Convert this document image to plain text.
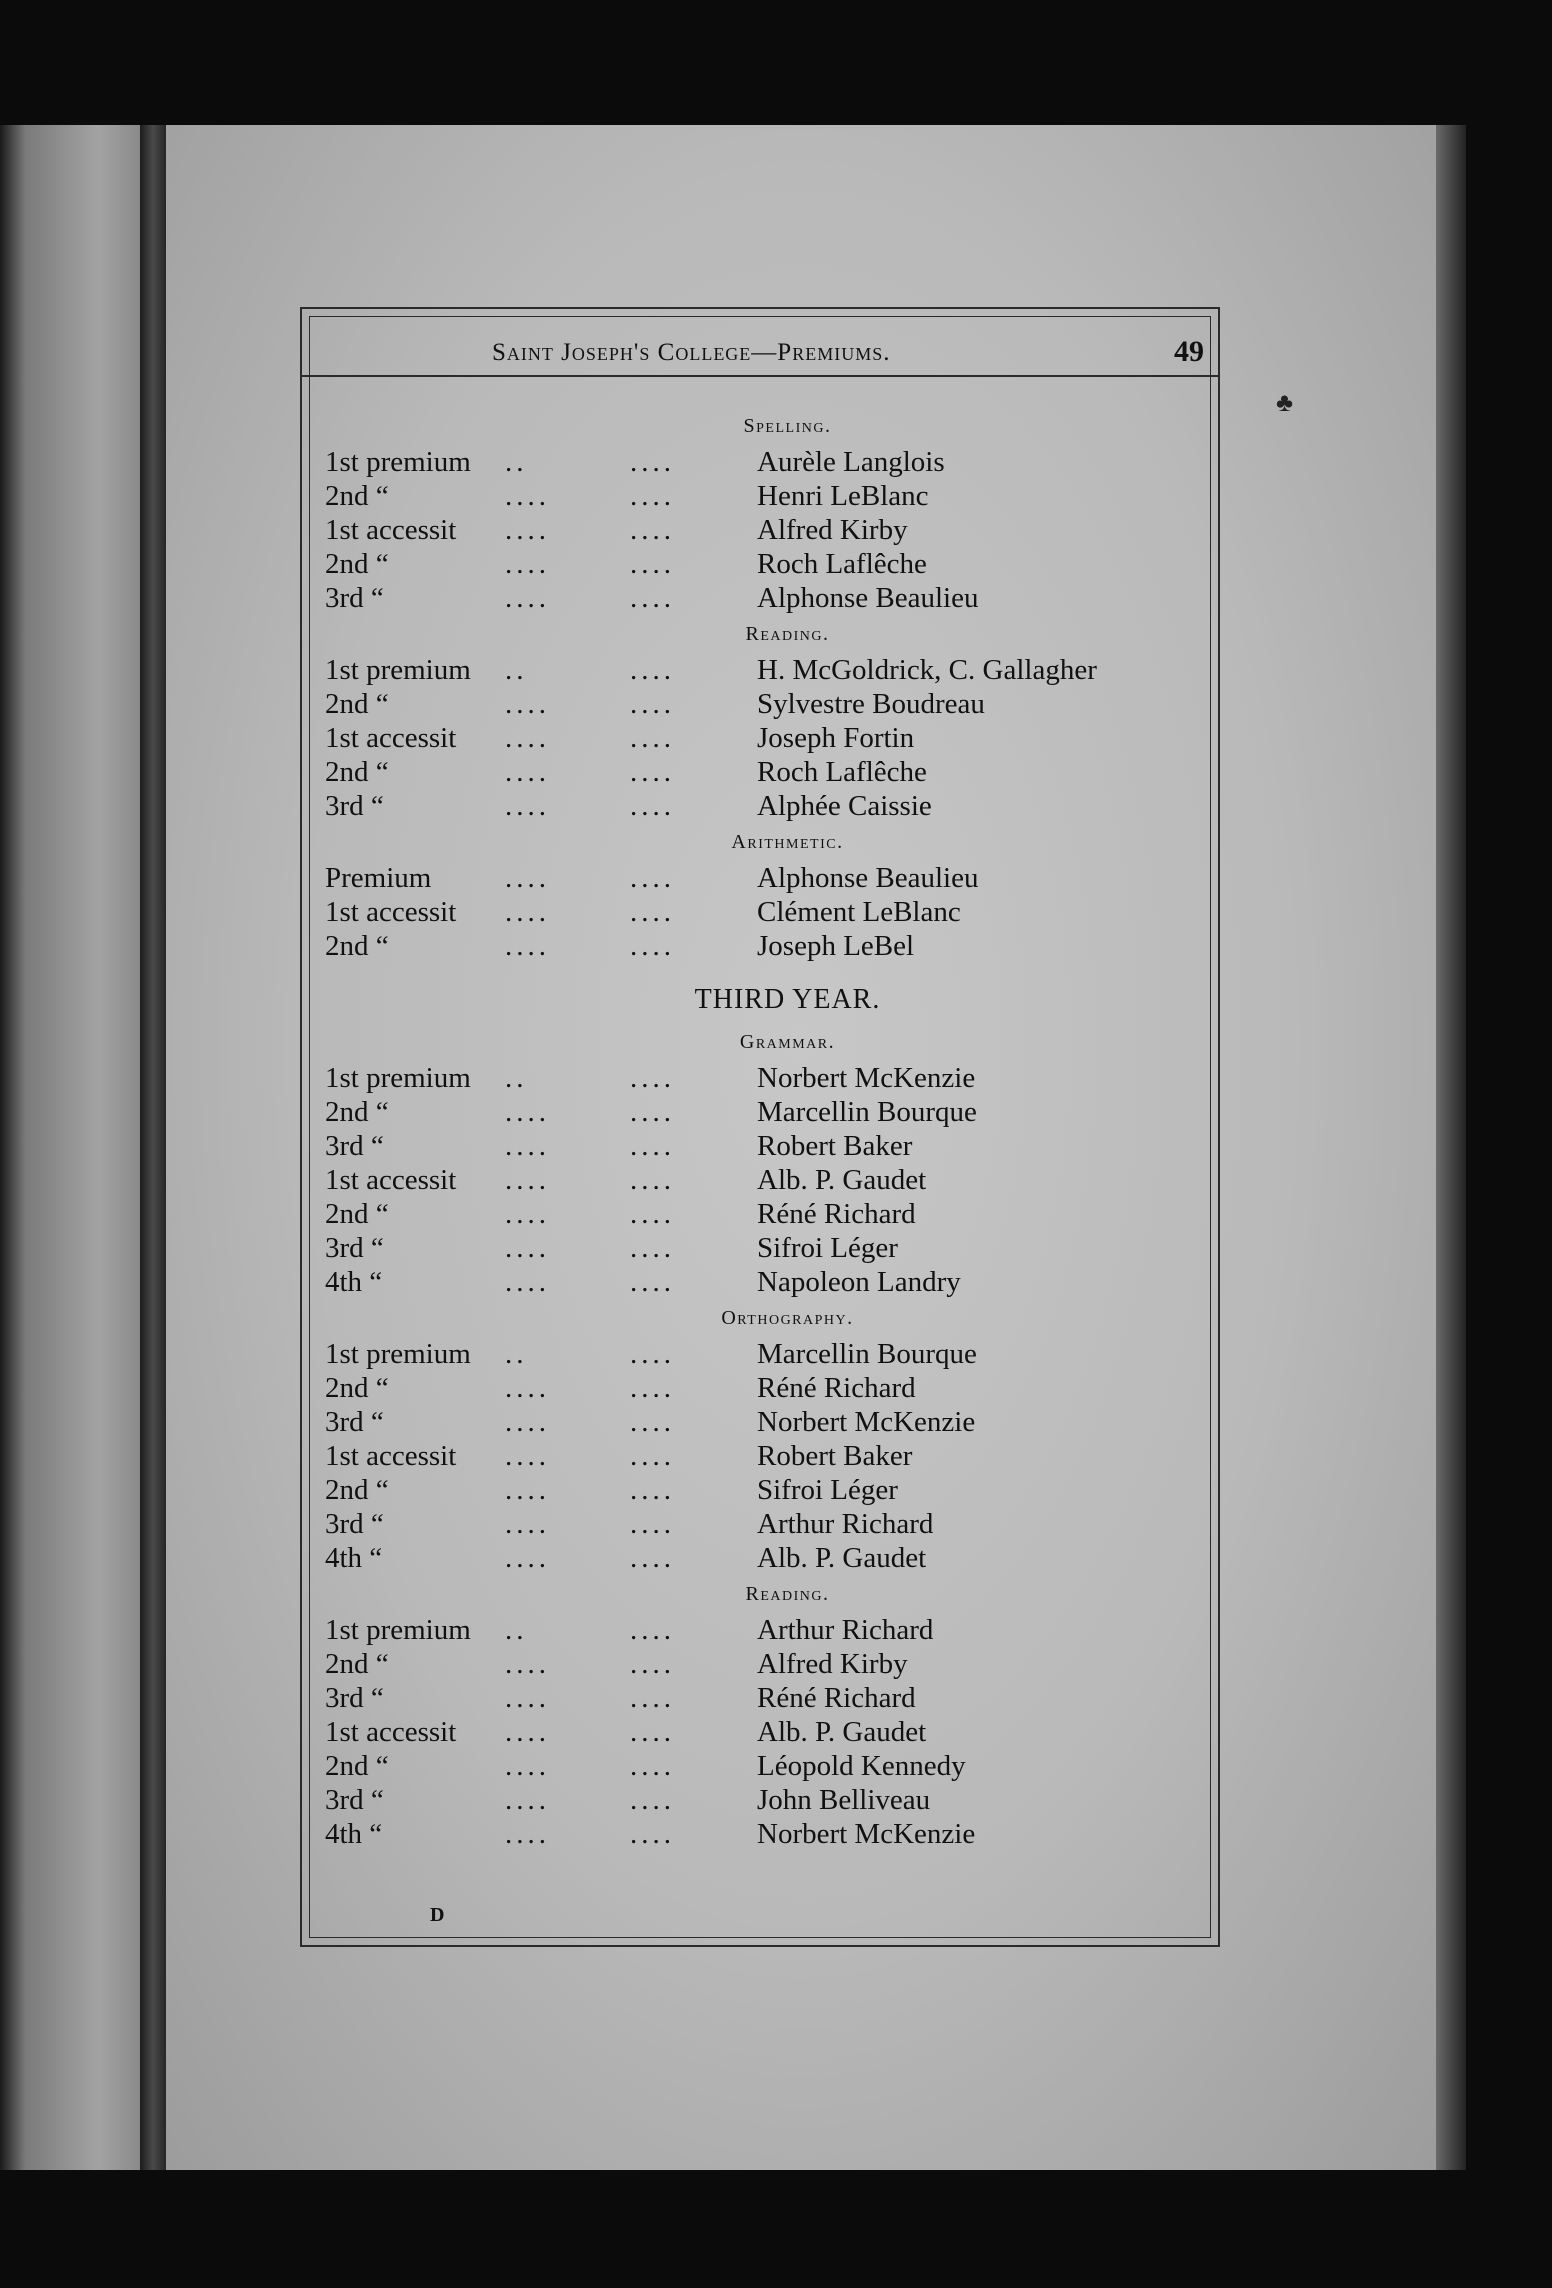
♣
Saint Joseph's College—Premiums.	49
Spelling.
1st premium ..	....	Aurèle Langlois
2nd “	....	....	Henri LeBlanc
1st accessit ....	....	Alfred Kirby
2nd “	....	....	Roch Laflêche
3rd “	....	....	Alphonse Beaulieu
Reading.
1st premium ..	....	H. McGoldrick, C. Gallagher
2nd “	....	....	Sylvestre Boudreau
1st accessit ....	....	Joseph Fortin
2nd “	....	....	Roch Laflêche
3rd “	....	....	Alphée Caissie
Arithmetic.
Premium	....	....	Alphonse Beaulieu
1st accessit ....	....	Clément LeBlanc
2nd “	....	....	Joseph LeBel
THIRD YEAR.
Grammar.
1st premium ..	....	Norbert McKenzie
2nd “	....	....	Marcellin Bourque
3rd “	....	....	Robert Baker
1st accessit ....	....	Alb. P. Gaudet
2nd “	....	....	Réné Richard
3rd “	....	....	Sifroi Léger
4th “	....	....	Napoleon Landry
Orthography.
1st premium ..	....	Marcellin Bourque
2nd “	....	....	Réné Richard
3rd “	....	....	Norbert McKenzie
1st accessit ....	....	Robert Baker
2nd “	....	....	Sifroi Léger
3rd “	....	....	Arthur Richard
4th “	....	....	Alb. P. Gaudet
Reading.
1st premium ..	....	Arthur Richard
2nd “	....	....	Alfred Kirby
3rd “	....	....	Réné Richard
1st accessit ....	....	Alb. P. Gaudet
2nd “	....	....	Léopold Kennedy
3rd “	....	....	John Belliveau
4th “	....	....	Norbert McKenzie
D
